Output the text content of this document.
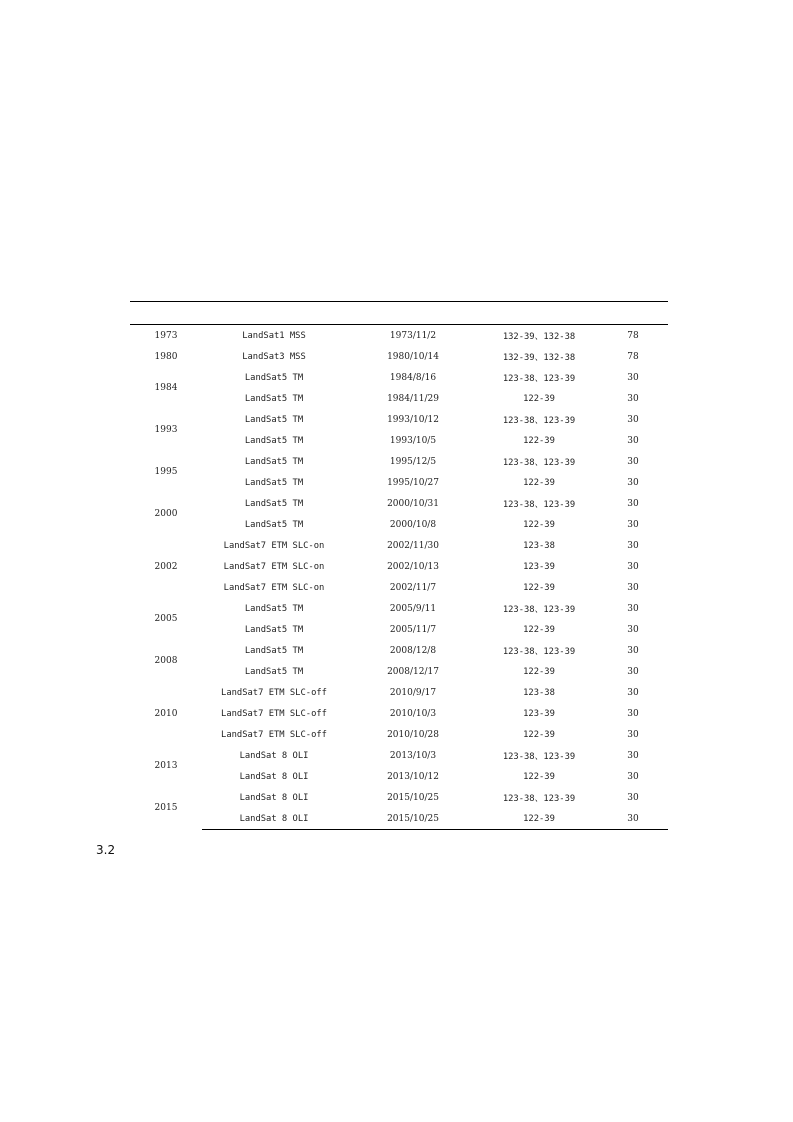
1973	LandSat1 MSS	1973/11/2	132-39、132-38	78
1980	LandSat3 MSS	1980/10/14	132-39、132-38	78
1984	LandSat5 TM	1984/8/16	123-38、123-39	30
	LandSat5 TM	1984/11/29	122-39	30
1993	LandSat5 TM	1993/10/12	123-38、123-39	30
	LandSat5 TM	1993/10/5	122-39	30
1995	LandSat5 TM	1995/12/5	123-38、123-39	30
	LandSat5 TM	1995/10/27	122-39	30
2000	LandSat5 TM	2000/10/31	123-38、123-39	30
	LandSat5 TM	2000/10/8	122-39	30
2002	LandSat7 ETM SLC-on	2002/11/30	123-38	30
	LandSat7 ETM SLC-on	2002/10/13	123-39	30
	LandSat7 ETM SLC-on	2002/11/7	122-39	30
2005	LandSat5 TM	2005/9/11	123-38、123-39	30
	LandSat5 TM	2005/11/7	122-39	30
2008	LandSat5 TM	2008/12/8	123-38、123-39	30
	LandSat5 TM	2008/12/17	122-39	30
2010	LandSat7 ETM SLC-off	2010/9/17	123-38	30
	LandSat7 ETM SLC-off	2010/10/3	123-39	30
	LandSat7 ETM SLC-off	2010/10/28	122-39	30
2013	LandSat 8 OLI	2013/10/3	123-38、123-39	30
	LandSat 8 OLI	2013/10/12	122-39	30
2015	LandSat 8 OLI	2015/10/25	123-38、123-39	30
	LandSat 8 OLI	2015/10/25	122-39	30

3.2
